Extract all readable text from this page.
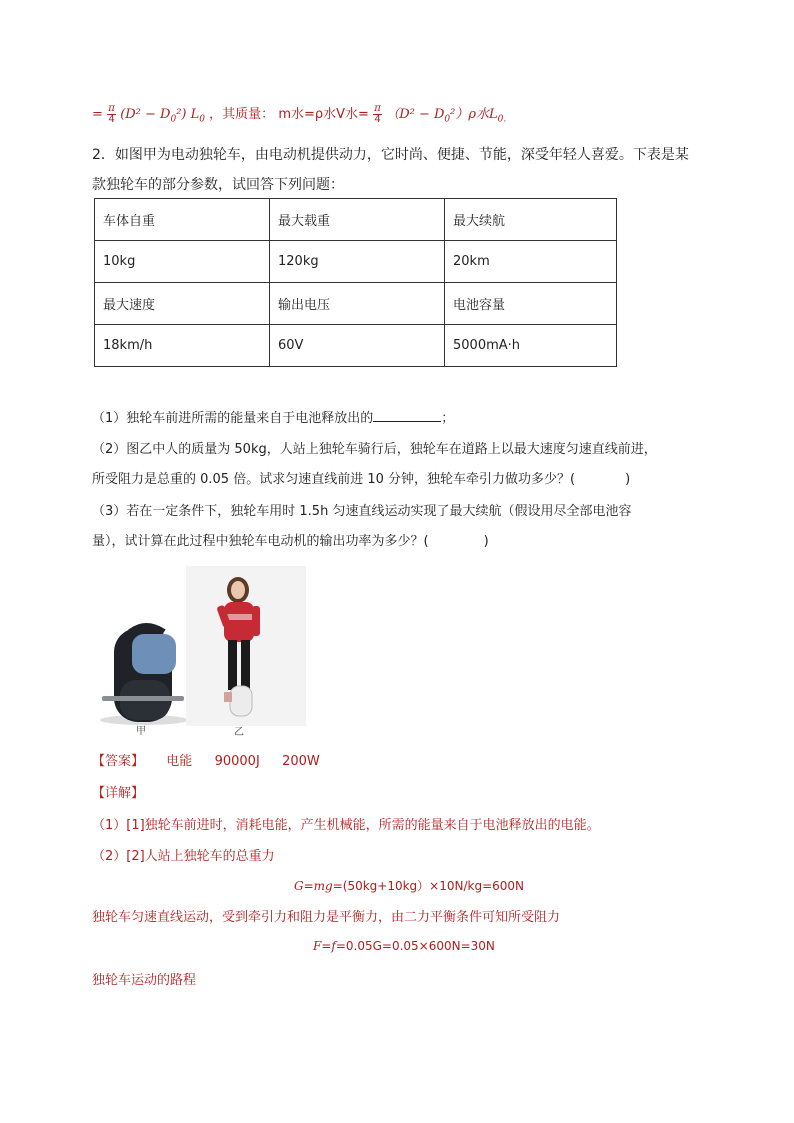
= $\frac{\pi}{4} (D^2 - D_0^2)$ $L_0$ ，其质量： m水=ρ水V水= $\frac{\pi}{4} (D^2 - D_0^2)\rho$水$L_{0.}$
2．如图甲为电动独轮车，由电动机提供动力，它时尚、便捷、节能，深受年轻人喜爱。下表是某
款独轮车的部分参数，试回答下列问题：
车体自重	最大载重	最大续航
10kg	120kg	20km
最大速度	输出电压	电池容量
18km/h	60V	5000mA·h
（1）独轮车前进所需的能量来自于电池释放出的	；
（2）图乙中人的质量为 50kg，人站上独轮车骑行后，独轮车在道路上以最大速度匀速直线前进，
所受阻力是总重的 0.05 倍。试求匀速直线前进 10 分钟，独轮车牵引力做功多少？(	)
（3）若在一定条件下，独轮车用时 1.5h 匀速直线运动实现了最大续航（假设用尽全部电池容
量），试计算在此过程中独轮车电动机的输出功率为多少？(	)
甲	乙
【答案】 电能 90000J 200W
【详解】
（1）[1]独轮车前进时，消耗电能，产生机械能，所需的能量来自于电池释放出的电能。
（2）[2]人站上独轮车的总重力
G=mg=(50kg+10kg）×10N/kg=600N
独轮车匀速直线运动，受到牵引力和阻力是平衡力，由二力平衡条件可知所受阻力
F=f=0.05G=0.05×600N=30N
独轮车运动的路程
